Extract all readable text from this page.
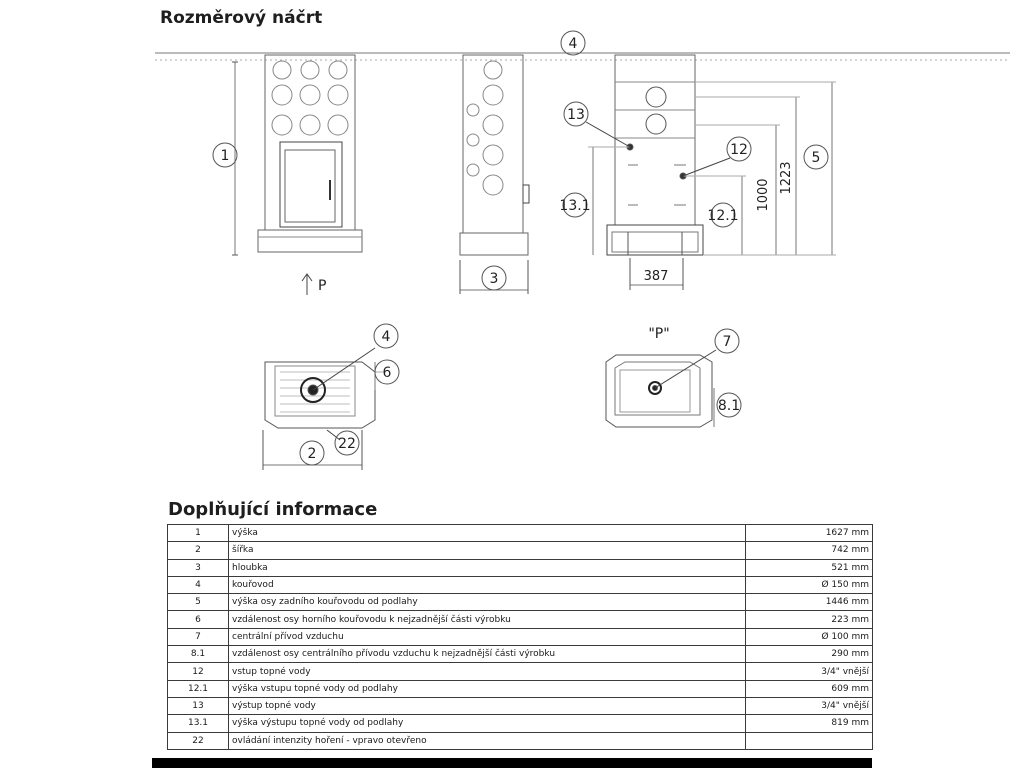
Rozměrový náčrt
1
3
4
13
12
13.1
12.1
5
4
6
2
22
7
8.1
387
1000
1223
P
"P"
Doplňující informace
1	výška	1627 mm
2	šířka	742 mm
3	hloubka	521 mm
4	kouřovod	Ø 150 mm
5	výška osy zadního kouřovodu od podlahy	1446 mm
6	vzdálenost osy horního kouřovodu k nejzadnější části výrobku	223 mm
7	centrální přívod vzduchu	Ø 100 mm
8.1	vzdálenost osy centrálního přívodu vzduchu k nejzadnější části výrobku	290 mm
12	vstup topné vody	3/4" vnější
12.1	výška vstupu topné vody od podlahy	609 mm
13	výstup topné vody	3/4" vnější
13.1	výška výstupu topné vody od podlahy	819 mm
22	ovládání intenzity hoření - vpravo otevřeno	
